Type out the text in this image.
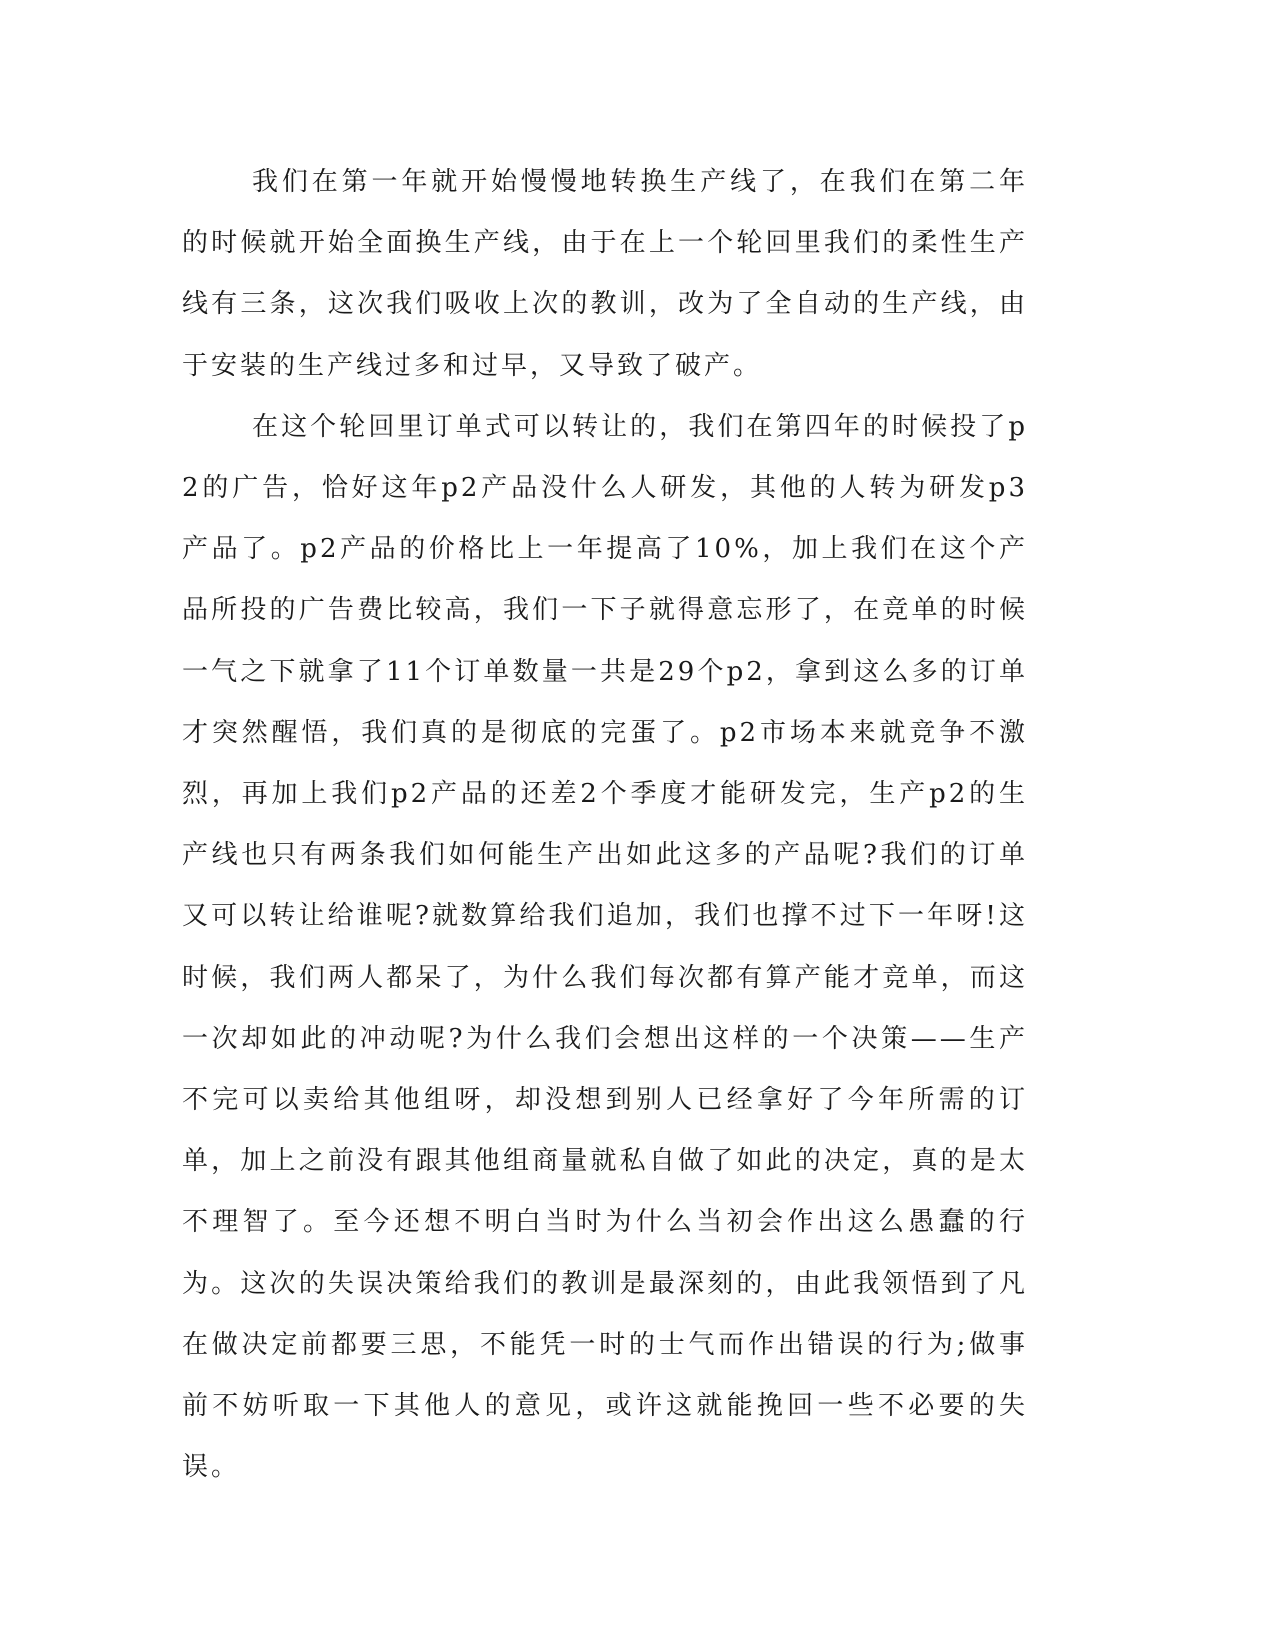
我们在第一年就开始慢慢地转换生产线了，在我们在第二年的时候就开始全面换生产线，由于在上一个轮回里我们的柔性生产线有三条，这次我们吸收上次的教训，改为了全自动的生产线，由于安装的生产线过多和过早，又导致了破产。

在这个轮回里订单式可以转让的，我们在第四年的时候投了p2的广告，恰好这年p2产品没什么人研发，其他的人转为研发p3产品了。p2产品的价格比上一年提高了10%，加上我们在这个产品所投的广告费比较高，我们一下子就得意忘形了，在竞单的时候一气之下就拿了11个订单数量一共是29个p2，拿到这么多的订单才突然醒悟，我们真的是彻底的完蛋了。p2市场本来就竞争不激烈，再加上我们p2产品的还差2个季度才能研发完，生产p2的生产线也只有两条我们如何能生产出如此这多的产品呢?我们的订单又可以转让给谁呢?就数算给我们追加，我们也撑不过下一年呀!这时候，我们两人都呆了，为什么我们每次都有算产能才竞单，而这一次却如此的冲动呢?为什么我们会想出这样的一个决策——生产不完可以卖给其他组呀，却没想到别人已经拿好了今年所需的订单，加上之前没有跟其他组商量就私自做了如此的决定，真的是太不理智了。至今还想不明白当时为什么当初会作出这么愚蠢的行为。这次的失误决策给我们的教训是最深刻的，由此我领悟到了凡在做决定前都要三思，不能凭一时的士气而作出错误的行为;做事前不妨听取一下其他人的意见，或许这就能挽回一些不必要的失误。
